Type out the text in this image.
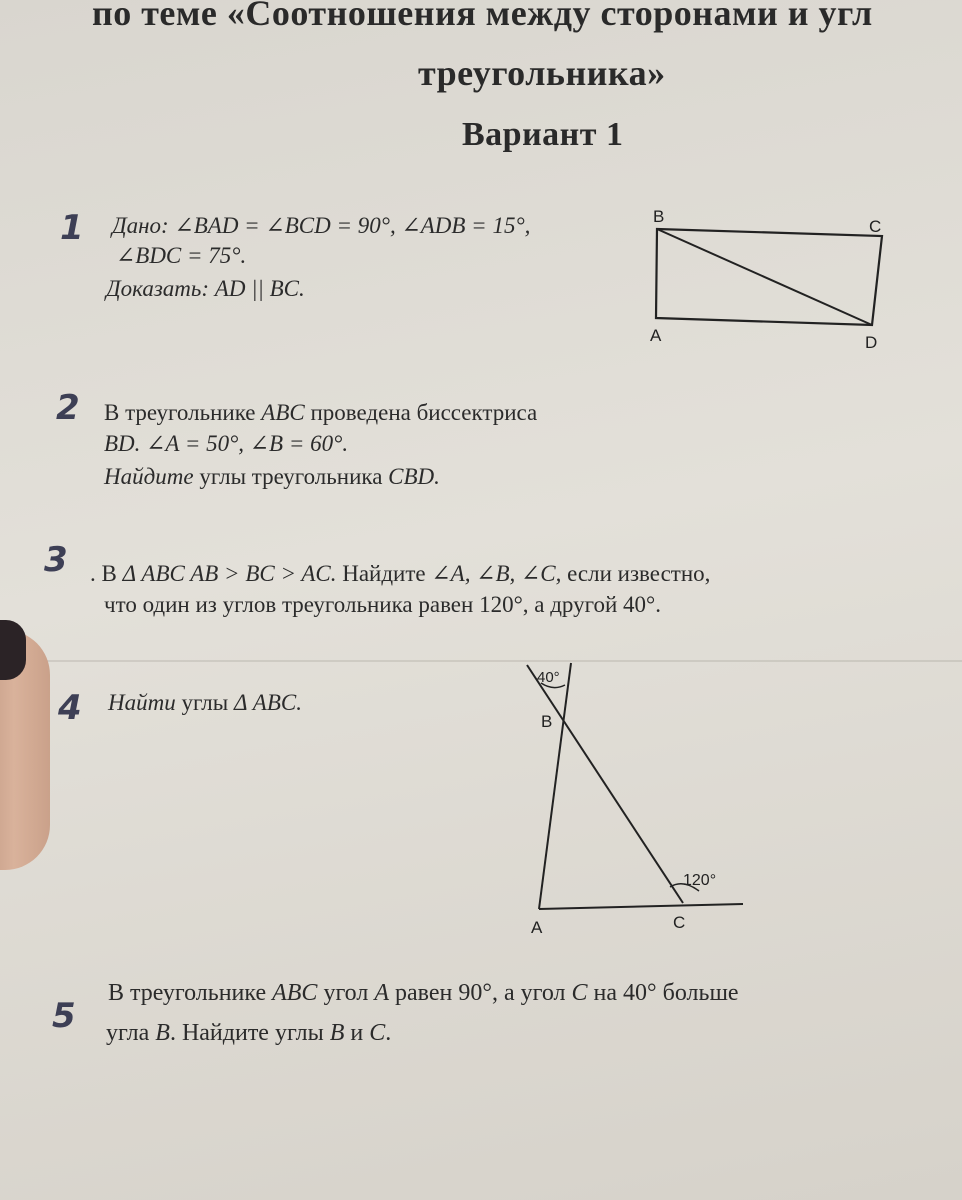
по теме «Соотношения между сторонами и угл
треугольника»
Вариант 1
1 Дано: ∠BAD = ∠BCD = 90°, ∠ADB = 15°,
∠BDC = 75°.
Доказать: AD || BC.
B
C
A	D
2 В треугольнике ABC проведена биссектриса
BD. ∠A = 50°, ∠B = 60°.
Найдите углы треугольника CBD.
3 . В Δ ABC AB > BC > AC. Найдите ∠A, ∠B, ∠C, если известно,
что один из углов треугольника равен 120°, а другой 40°.
4 Найти углы Δ ABC.
40°
120°
B
A	C
5
В треугольнике ABC угол A равен 90°, а угол C на 40° больше
угла B. Найдите углы B и C.
